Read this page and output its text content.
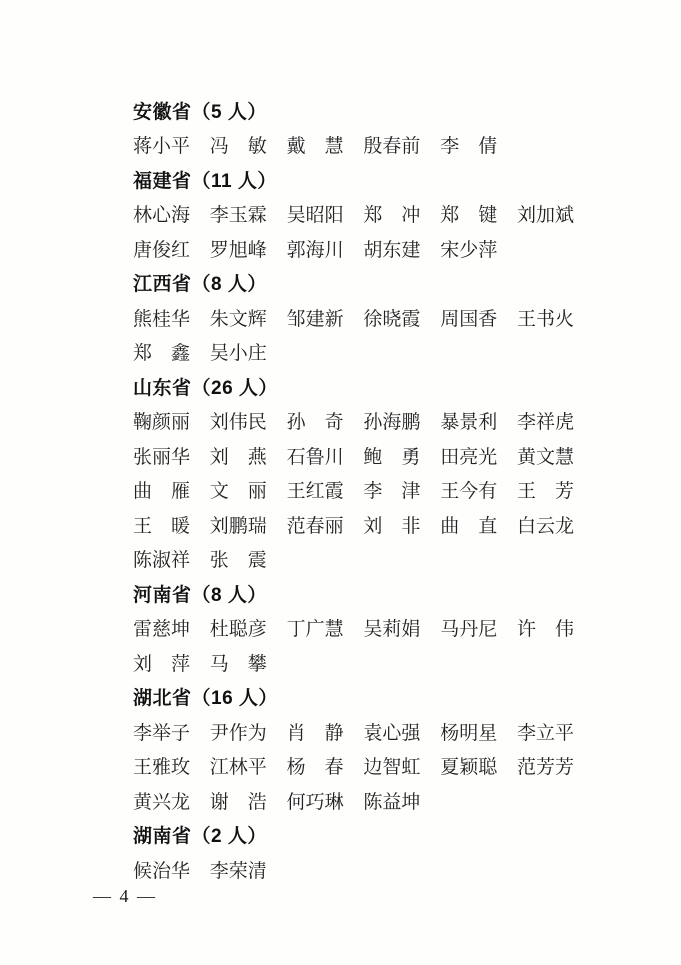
安徽省（5 人）
蒋小平	冯　敏	戴　慧	殷春前	李　倩
福建省（11 人）
林心海	李玉霖	吴昭阳	郑　冲	郑　键	刘加斌
唐俊红	罗旭峰	郭海川	胡东建	宋少萍
江西省（8 人）
熊桂华	朱文辉	邹建新	徐晓霞	周国香	王书火
郑　鑫	吴小庄
山东省（26 人）
鞠颜丽	刘伟民	孙　奇	孙海鹏	暴景利	李祥虎
张丽华	刘　燕	石鲁川	鲍　勇	田亮光	黄文慧
曲　雁	文　丽	王红霞	李　津	王今有	王　芳
王　暖	刘鹏瑞	范春丽	刘　非	曲　直	白云龙
陈淑祥	张　震
河南省（8 人）
雷慈坤	杜聪彦	丁广慧	吴莉娟	马丹尼	许　伟
刘　萍	马　攀
湖北省（16 人）
李举子	尹作为	肖　静	袁心强	杨明星	李立平
王雅玫	江林平	杨　春	边智虹	夏颖聪	范芳芳
黄兴龙	谢　浩	何巧琳	陈益坤
湖南省（2 人）
候治华	李荣清
— 4 —
